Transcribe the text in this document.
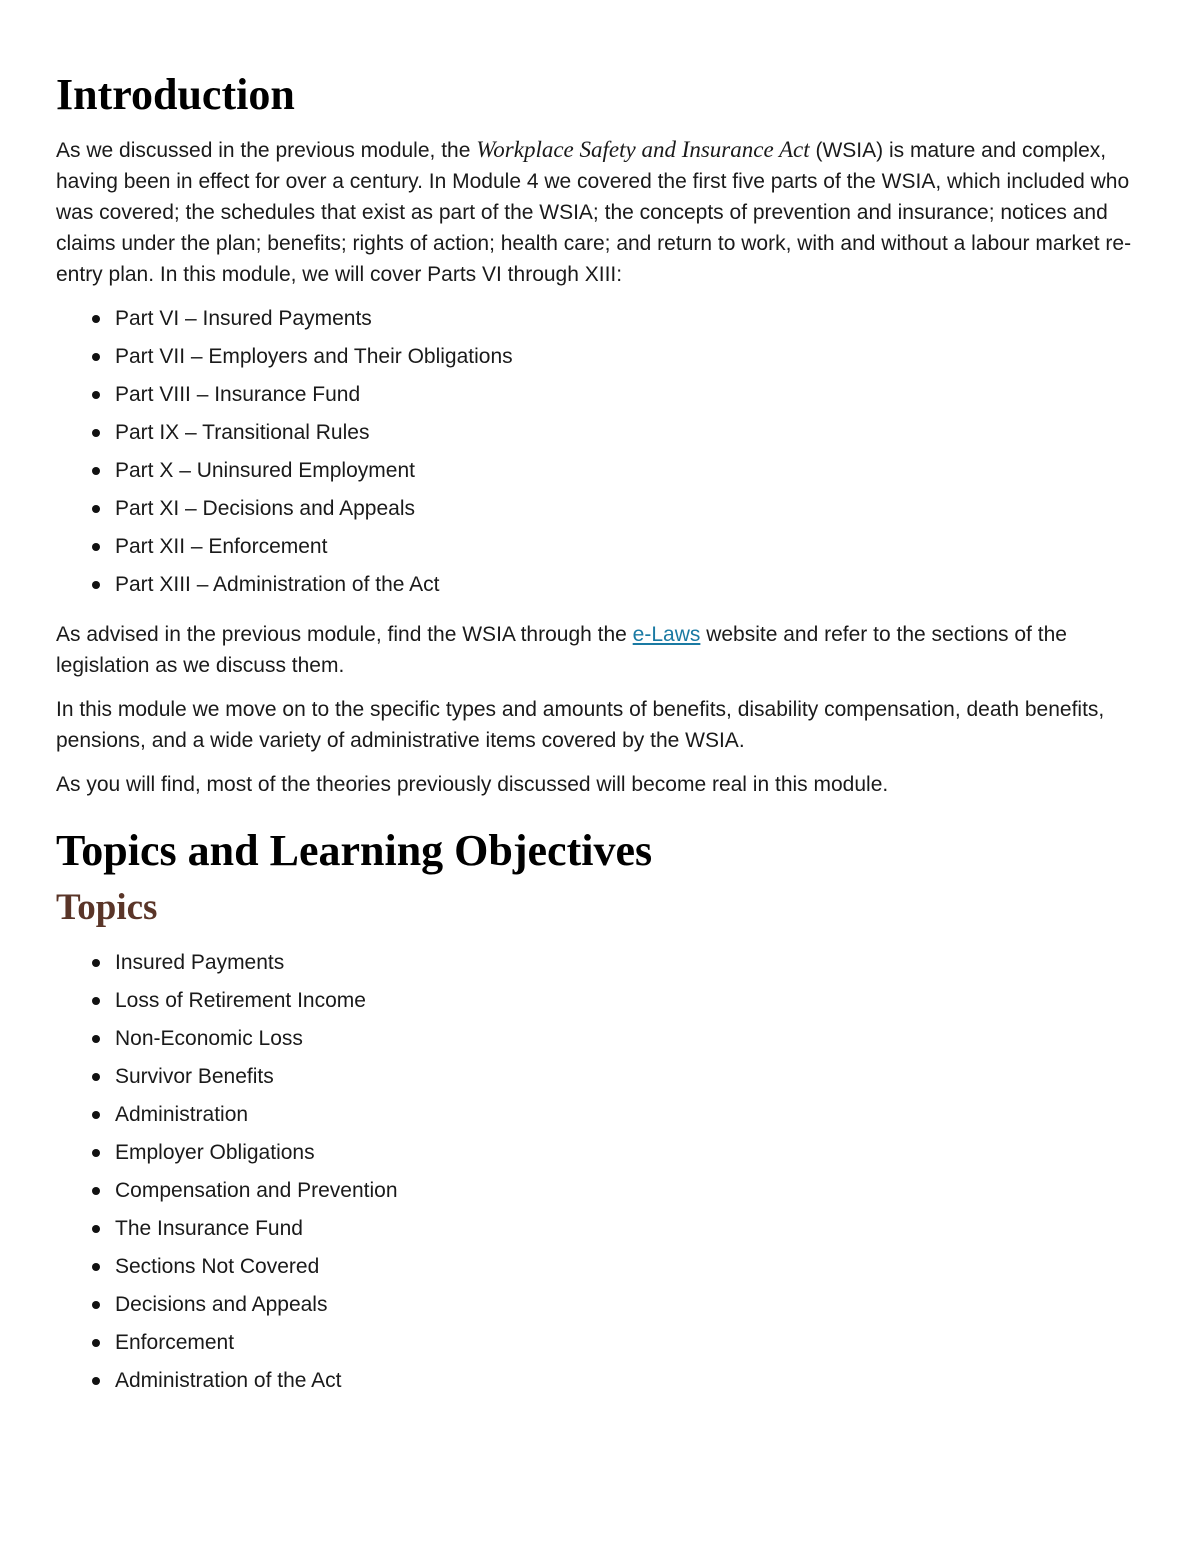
Introduction

As we discussed in the previous module, the Workplace Safety and Insurance Act (WSIA) is mature and complex, having been in effect for over a century. In Module 4 we covered the first five parts of the WSIA, which included who was covered; the schedules that exist as part of the WSIA; the concepts of prevention and insurance; notices and claims under the plan; benefits; rights of action; health care; and return to work, with and without a labour market re-entry plan. In this module, we will cover Parts VI through XIII:

Part VI – Insured Payments
Part VII – Employers and Their Obligations
Part VIII – Insurance Fund
Part IX – Transitional Rules
Part X – Uninsured Employment
Part XI – Decisions and Appeals
Part XII – Enforcement
Part XIII – Administration of the Act

As advised in the previous module, find the WSIA through the e-Laws website and refer to the sections of the legislation as we discuss them.

In this module we move on to the specific types and amounts of benefits, disability compensation, death benefits, pensions, and a wide variety of administrative items covered by the WSIA.

As you will find, most of the theories previously discussed will become real in this module.

Topics and Learning Objectives
Topics
Insured Payments
Loss of Retirement Income
Non-Economic Loss
Survivor Benefits
Administration
Employer Obligations
Compensation and Prevention
The Insurance Fund
Sections Not Covered
Decisions and Appeals
Enforcement
Administration of the Act
